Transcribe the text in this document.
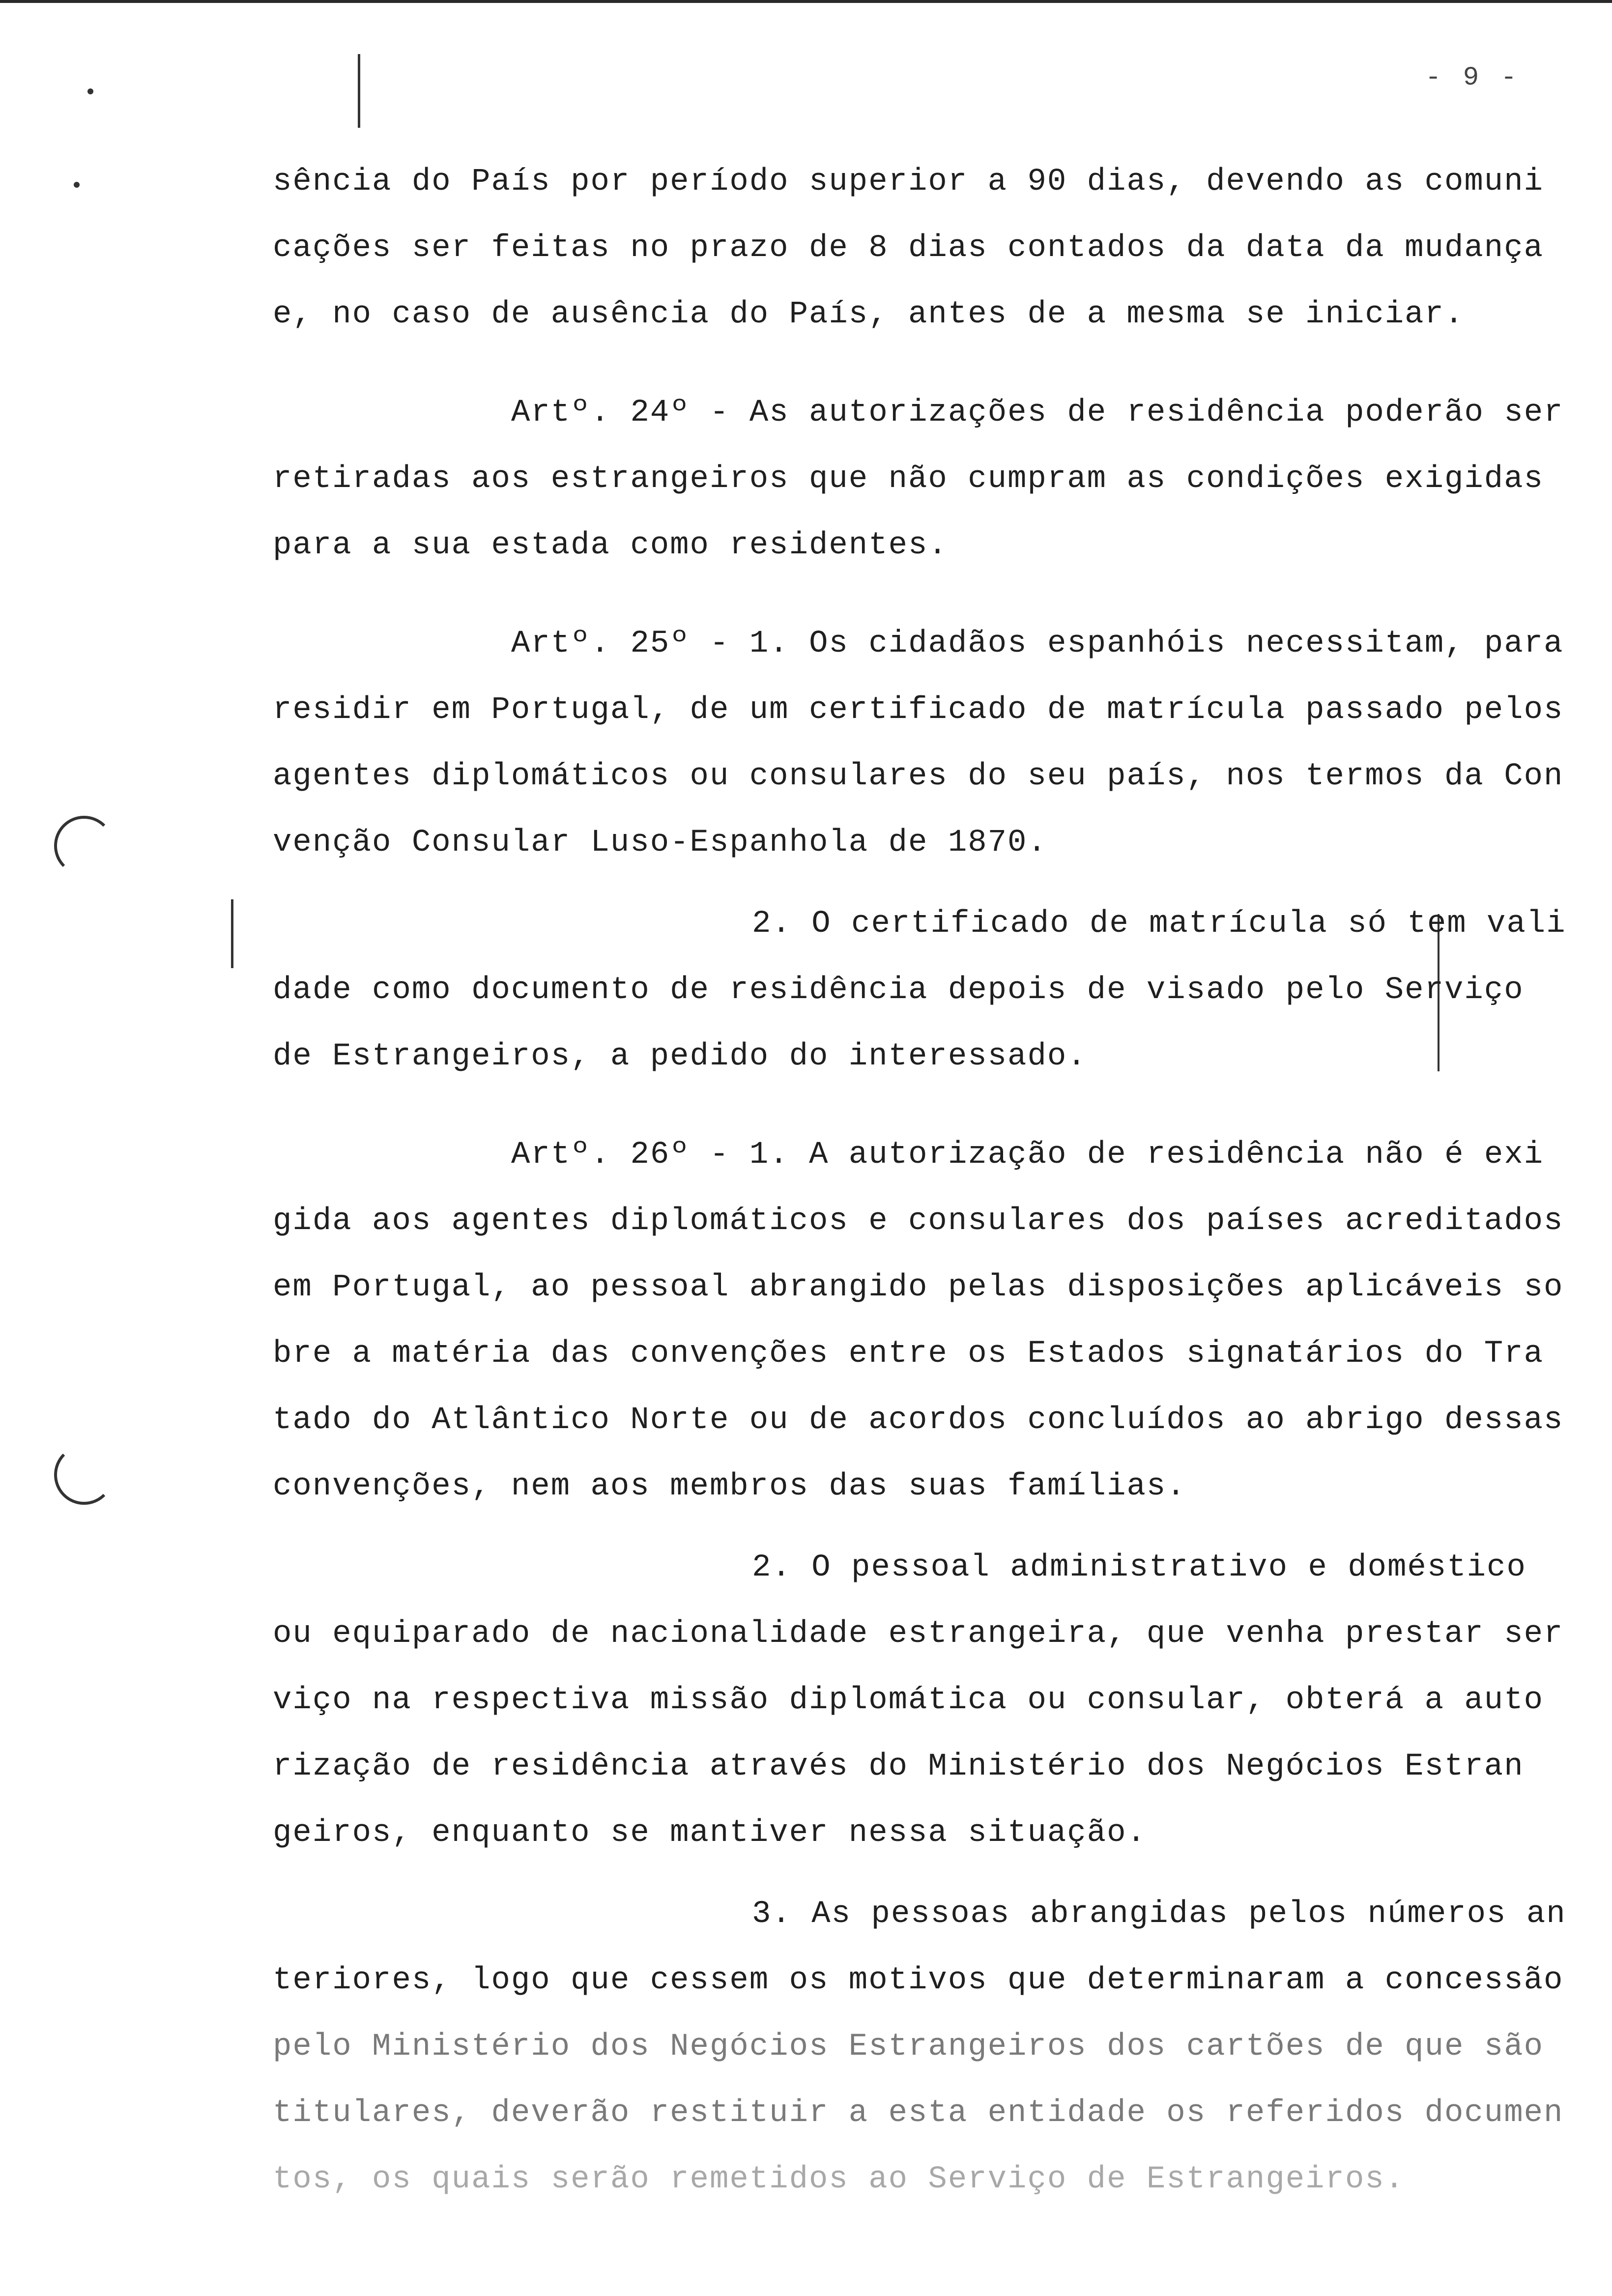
- 9 -
sência do País por período superior a 90 dias, devendo as comuni
cações ser feitas no prazo de 8 dias contados da data da mudança
e, no caso de ausência do País, antes de a mesma se iniciar.
Artº. 24º - As autorizações de residência poderão ser
retiradas aos estrangeiros que não cumpram as condições exigidas
para a sua estada como residentes.
Artº. 25º - 1. Os cidadãos espanhóis necessitam, para
residir em Portugal, de um certificado de matrícula passado pelos
agentes diplomáticos ou consulares do seu país, nos termos da Con
venção Consular Luso-Espanhola de 1870.
2. O certificado de matrícula só tem vali
dade como documento de residência depois de visado pelo Serviço
de Estrangeiros, a pedido do interessado.
Artº. 26º - 1. A autorização de residência não é exi
gida aos agentes diplomáticos e consulares dos países acreditados
em Portugal, ao pessoal abrangido pelas disposições aplicáveis so
bre a matéria das convenções entre os Estados signatários do Tra
tado do Atlântico Norte ou de acordos concluídos ao abrigo dessas
convenções, nem aos membros das suas famílias.
2. O pessoal administrativo e doméstico
ou equiparado de nacionalidade estrangeira, que venha prestar ser
viço na respectiva missão diplomática ou consular, obterá a auto
rização de residência através do Ministério dos Negócios Estran
geiros, enquanto se mantiver nessa situação.
3. As pessoas abrangidas pelos números an
teriores, logo que cessem os motivos que determinaram a concessão
pelo Ministério dos Negócios Estrangeiros dos cartões de que são
titulares, deverão restituir a esta entidade os referidos documen
tos, os quais serão remetidos ao Serviço de Estrangeiros.
